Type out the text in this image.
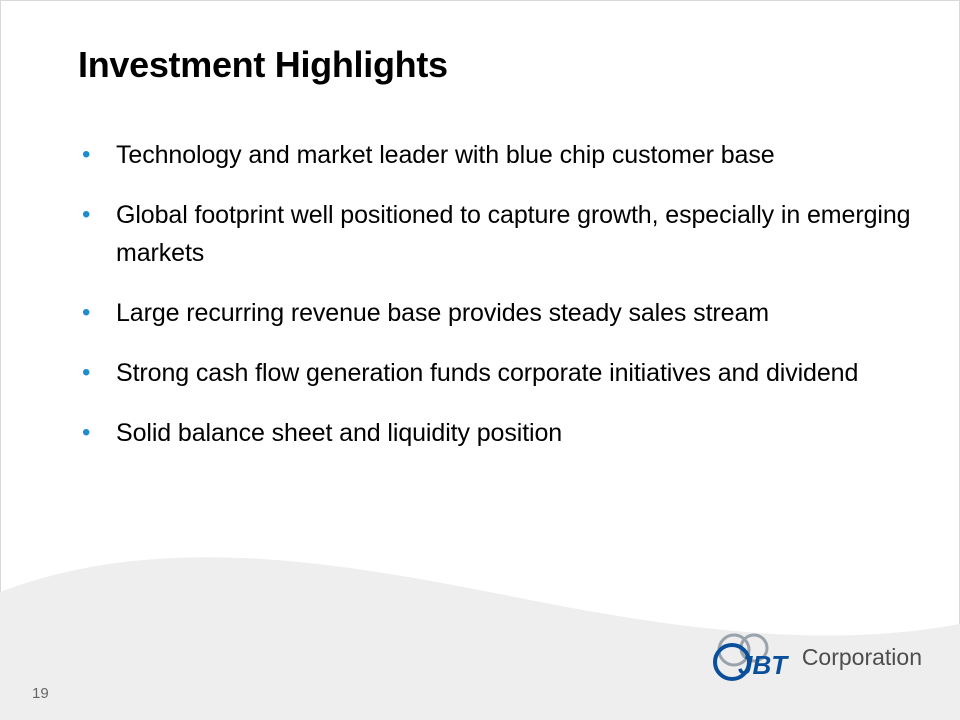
Investment Highlights
•	Technology and market leader with blue chip customer base
•	Global footprint well positioned to capture growth, especially in emerging markets
•	Large recurring revenue base provides steady sales stream
•	Strong cash flow generation funds corporate initiatives and dividend
•	Solid balance sheet and liquidity position
19
JBT Corporation
